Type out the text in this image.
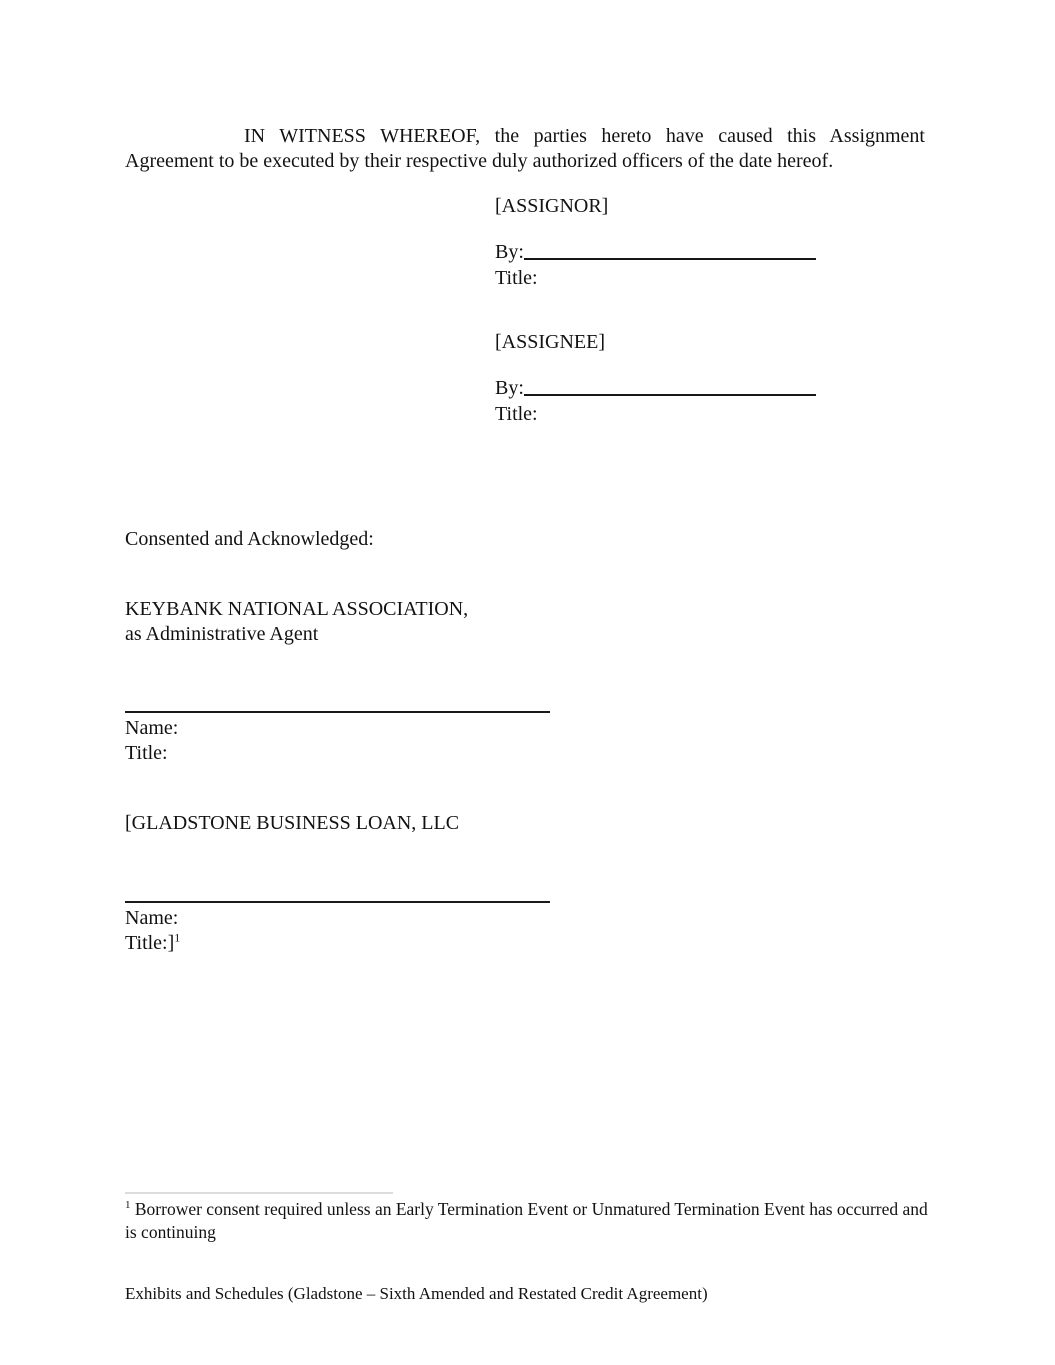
IN WITNESS WHEREOF, the parties hereto have caused this Assignment Agreement to be executed by their respective duly authorized officers of the date hereof.

[ASSIGNOR]
By:
Title:
[ASSIGNEE]
By:
Title:
Consented and Acknowledged:
KEYBANK NATIONAL ASSOCIATION,
as Administrative Agent
Name:
Title:
[GLADSTONE BUSINESS LOAN, LLC
Name:
Title:]$^1$
$^1$ Borrower consent required unless an Early Termination Event or Unmatured Termination Event has occurred and is continuing
Exhibits and Schedules (Gladstone – Sixth Amended and Restated Credit Agreement)
